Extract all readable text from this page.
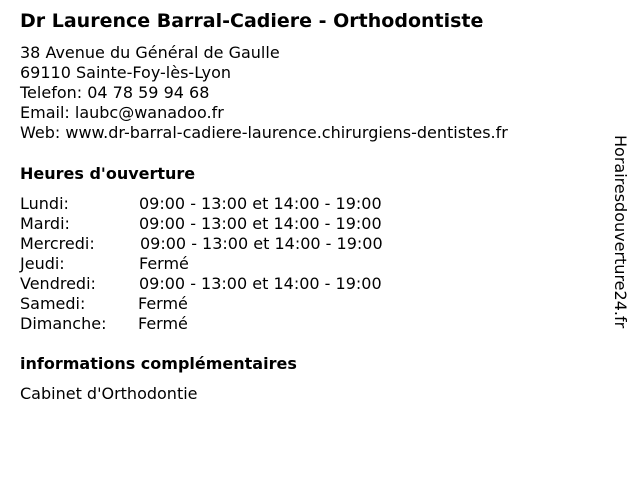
Dr Laurence Barral-Cadiere - Orthodontiste
38 Avenue du Général de Gaulle
69110 Sainte-Foy-lès-Lyon
Telefon: 04 78 59 94 68
Email: laubc@wanadoo.fr
Web: www.dr-barral-cadiere-laurence.chirurgiens-dentistes.fr
Heures d'ouverture
Lundi:	09:00 - 13:00 et 14:00 - 19:00
Mardi:	09:00 - 13:00 et 14:00 - 19:00
Mercredi:	09:00 - 13:00 et 14:00 - 19:00
Jeudi:	Fermé
Vendredi:	09:00 - 13:00 et 14:00 - 19:00
Samedi:	Fermé
Dimanche: Fermé
informations complémentaires
Cabinet d'Orthodontie
Horairesdouverture24.fr
